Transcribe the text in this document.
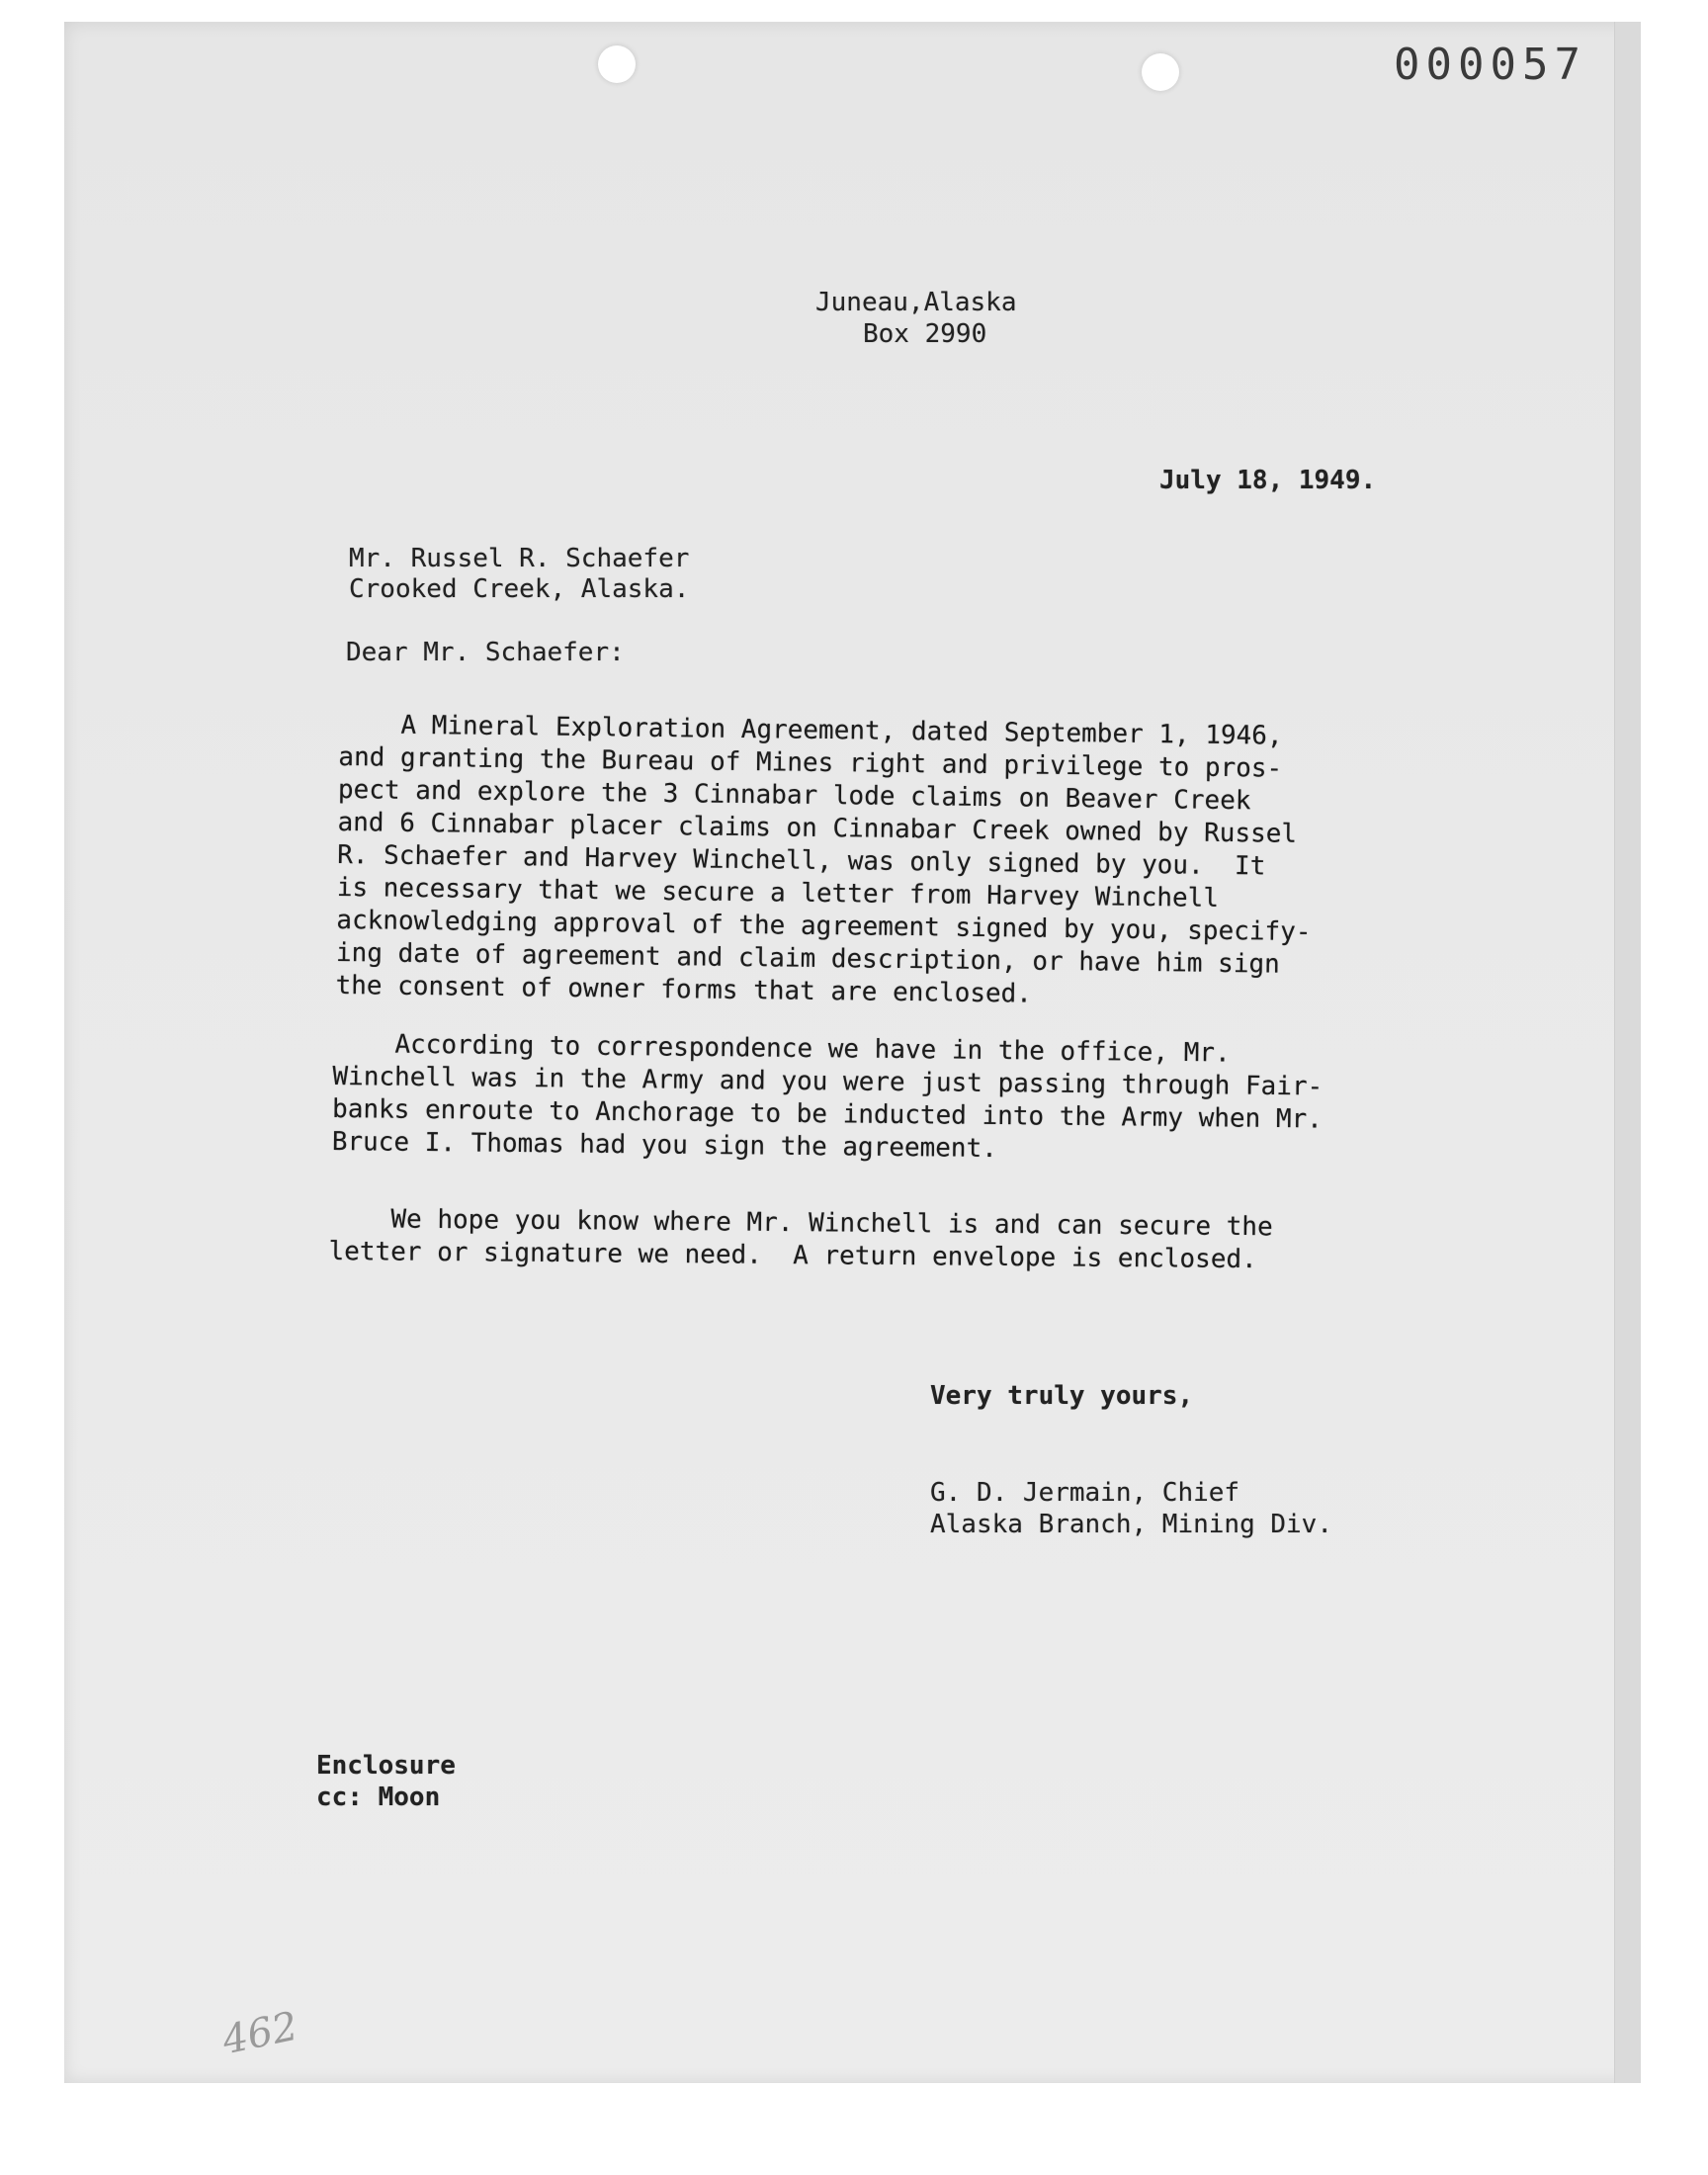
000057
Juneau,Alaska
Box 2990
July 18, 1949.
Mr. Russel R. Schaefer
Crooked Creek, Alaska.
Dear Mr. Schaefer:
A Mineral Exploration Agreement, dated September 1, 1946,
and granting the Bureau of Mines right and privilege to pros-
pect and explore the 3 Cinnabar lode claims on Beaver Creek
and 6 Cinnabar placer claims on Cinnabar Creek owned by Russel
R. Schaefer and Harvey Winchell, was only signed by you.  It
is necessary that we secure a letter from Harvey Winchell
acknowledging approval of the agreement signed by you, specify-
ing date of agreement and claim description, or have him sign
the consent of owner forms that are enclosed.
According to correspondence we have in the office, Mr.
Winchell was in the Army and you were just passing through Fair-
banks enroute to Anchorage to be inducted into the Army when Mr.
Bruce I. Thomas had you sign the agreement.
We hope you know where Mr. Winchell is and can secure the
letter or signature we need.  A return envelope is enclosed.
Very truly yours,
G. D. Jermain, Chief
Alaska Branch, Mining Div.
Enclosure
cc: Moon
462
